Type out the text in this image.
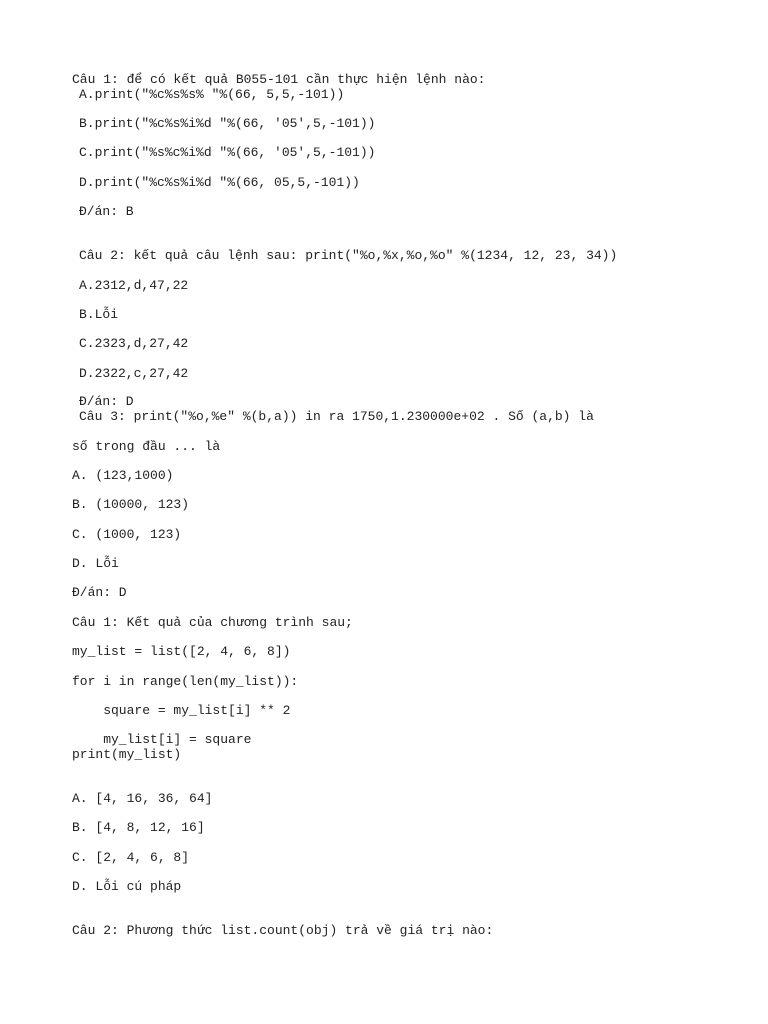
Câu 1: để có kết quả B055-101 cần thực hiện lệnh nào:
A.print("%c%s%s% "%(66, 5,5,-101))
B.print("%c%s%i%d "%(66, '05',5,-101))
C.print("%s%c%i%d "%(66, '05',5,-101))
D.print("%c%s%i%d "%(66, 05,5,-101))
Đ/án: B
Câu 2: kết quả câu lệnh sau: print("%o,%x,%o,%o" %(1234, 12, 23, 34))
A.2312,d,47,22
B.Lỗi
C.2323,d,27,42
D.2322,c,27,42
Đ/án: D
Câu 3: print("%o,%e" %(b,a)) in ra 1750,1.230000e+02 . Số (a,b) là
số trong đầu ... là
A. (123,1000)
B. (10000, 123)
C. (1000, 123)
D. Lỗi
Đ/án: D
Câu 1: Kết quả của chương trình sau;
my_list = list([2, 4, 6, 8])
for i in range(len(my_list)):
square = my_list[i] ** 2
my_list[i] = square
print(my_list)
A. [4, 16, 36, 64]
B. [4, 8, 12, 16]
C. [2, 4, 6, 8]
D. Lỗi cú pháp
Câu 2: Phương thức list.count(obj) trả về giá trị nào:
